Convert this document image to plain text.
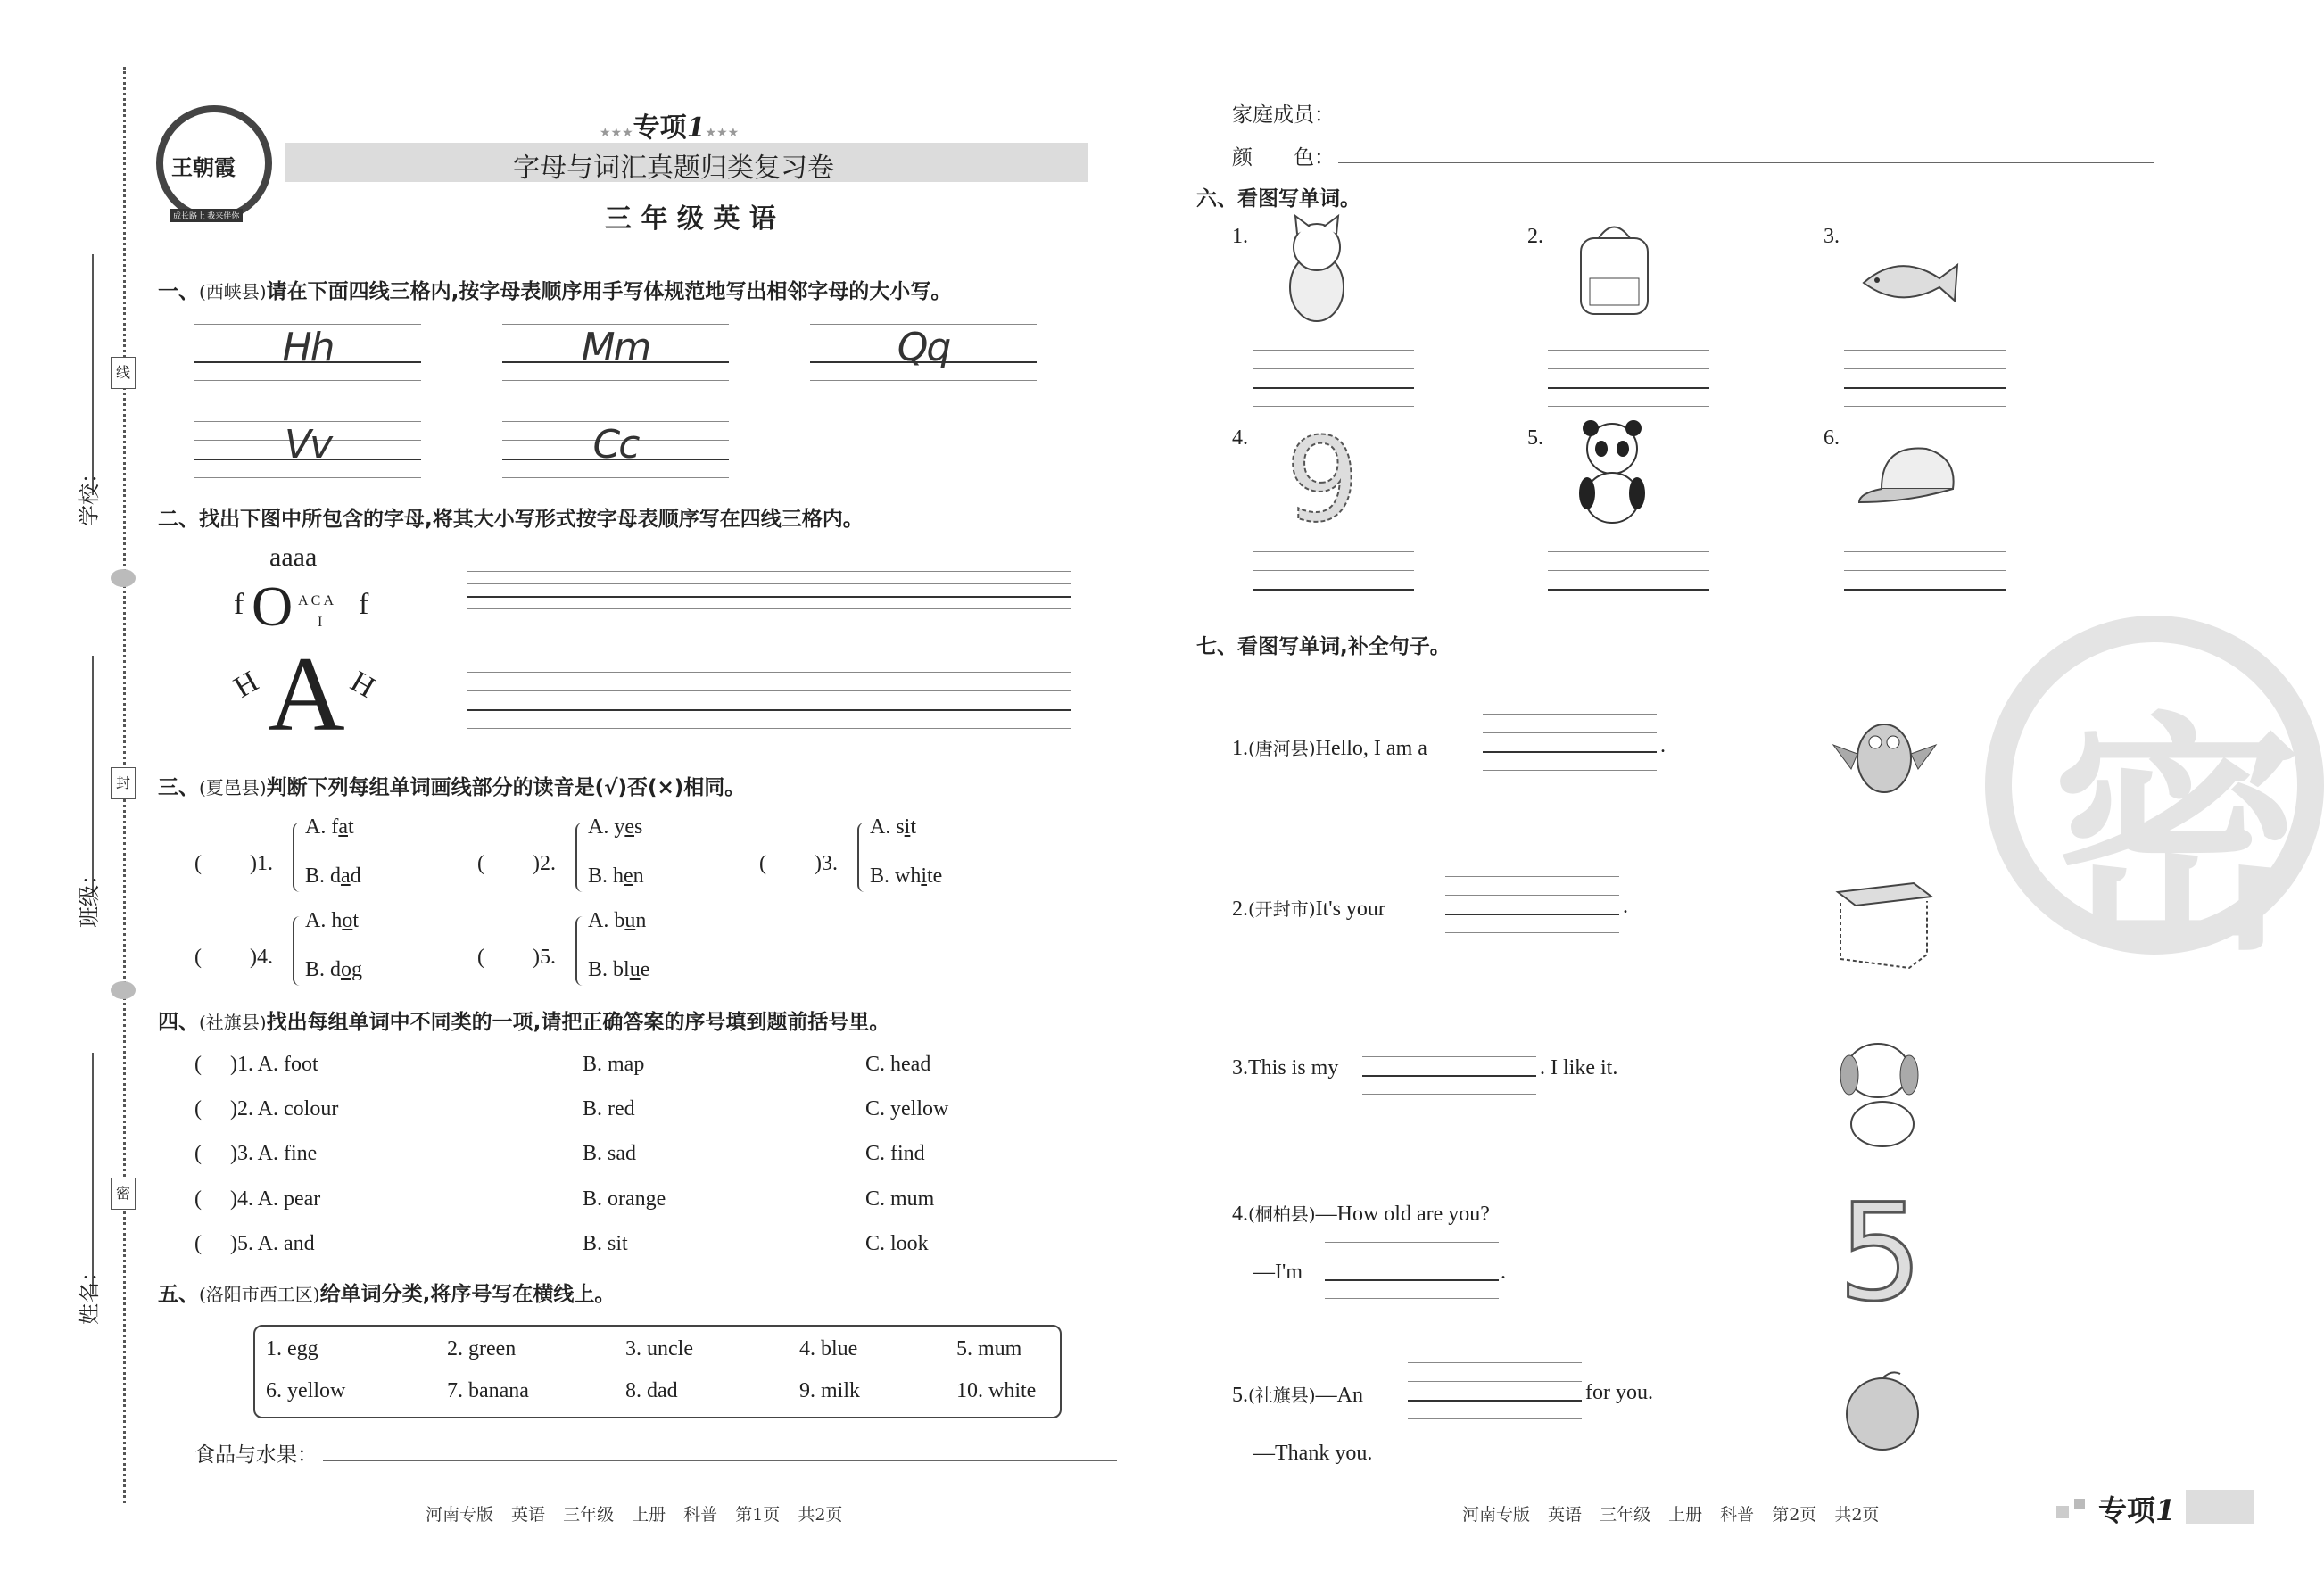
线
封
密
学校：
班级：
姓名：
王朝霞
成长路上 我来伴你
★★★专项1★★★
字母与词汇真题归类复习卷
三 年 级 英 语
一、(西峡县)请在下面四线三格内,按字母表顺序用手写体规范地写出相邻字母的大小写。
Hh	Mm	Qq
Vv	Cc
二、找出下图中所包含的字母,将其大小写形式按字母表顺序写在四线三格内。
aaaa
f O A C A
I
f
H A H
三、(夏邑县)判断下列每组单词画线部分的读音是(√)否(×)相同。
( )1.
A. fat
B. dad
( )2.
A. yes
B. hen
( )3.
A. sit
B. white
( )4.
A. hot
B. dog
( )5.
A. bun
B. blue
四、(社旗县)找出每组单词中不同类的一项,请把正确答案的序号填到题前括号里。
( )1. A. foot	B. map	C. head
( )2. A. colour	B. red	C. yellow
( )3. A. fine	B. sad	C. find
( )4. A. pear	B. orange	C. mum
( )5. A. and	B. sit	C. look
五、(洛阳市西工区)给单词分类,将序号写在横线上。
1. egg	2. green	3. uncle	4. blue	5. mum
6. yellow	7. banana	8. dad	9. milk	10. white
食品与水果：
河南专版 英语 三年级 上册 科普 第1页 共2页
家庭成员：
颜　　色：
六、看图写单词。
1.	2.	3.
4. 9	5.	6.
七、看图写单词,补全句子。
1.(唐河县)Hello, I am a	.
2.(开封市)It's your	.
3.This is my	. I like it.
4.(桐柏县)—How old are you?
5.(社旗县)—An	for you.
—I'm	.
—Thank you.
5
密
河南专版 英语 三年级 上册 科普 第2页 共2页	专项1
